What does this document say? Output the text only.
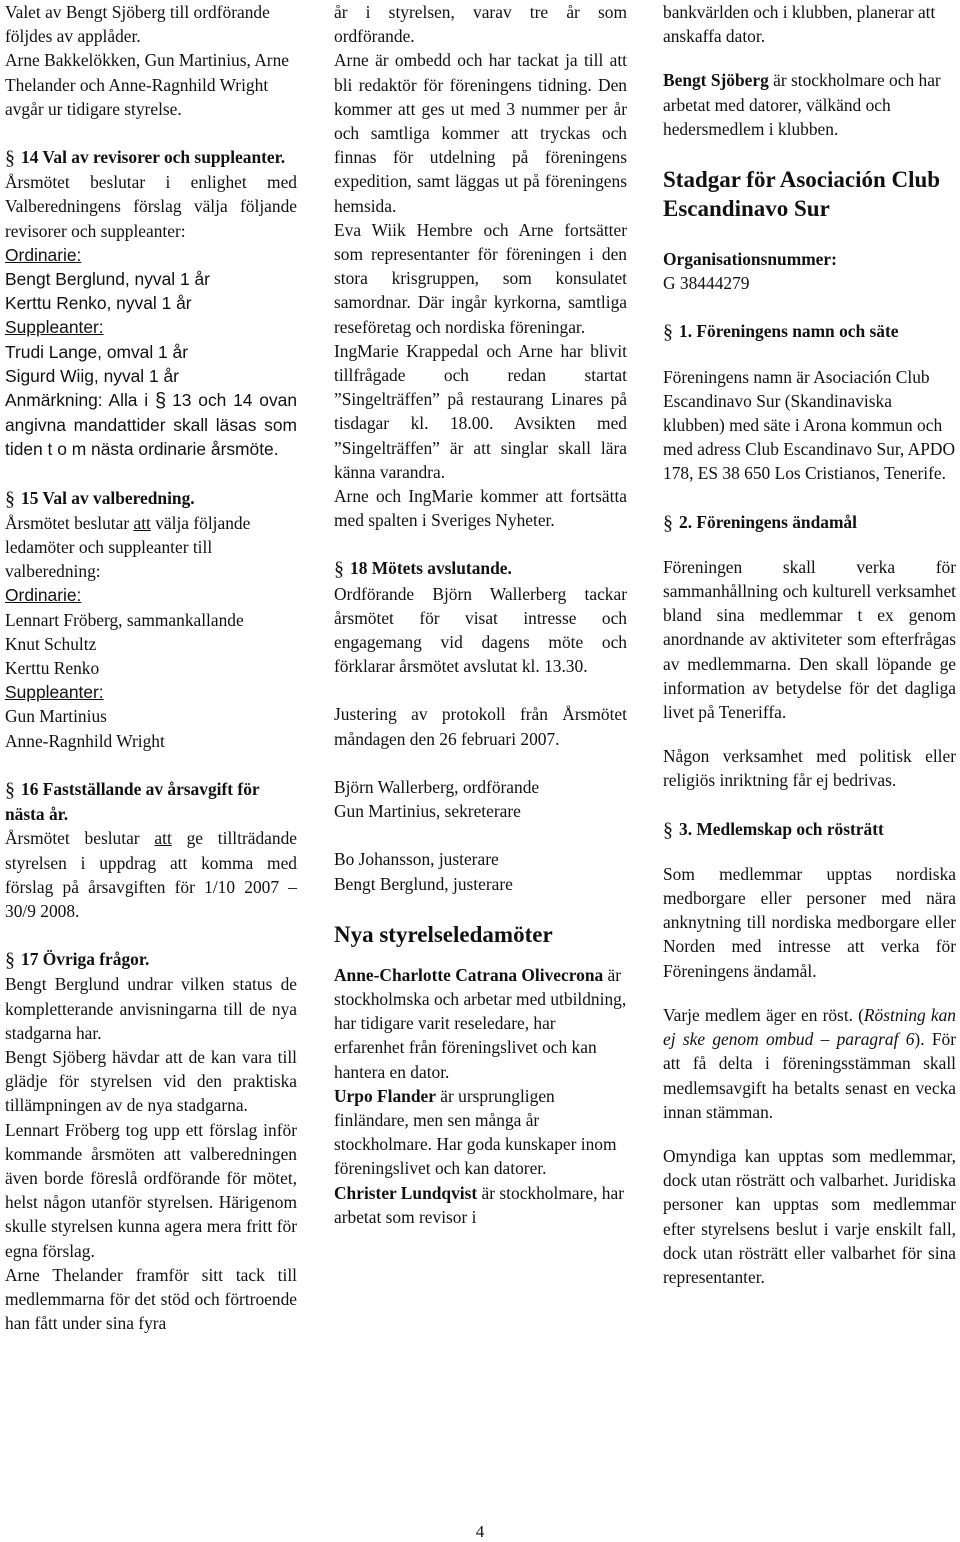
Valet av Bengt Sjöberg till ordförande följdes av applåder.

Arne Bakkelökken, Gun Martinius, Arne Thelander och Anne-Ragnhild Wright avgår ur tidigare styrelse.

§ 14 Val av revisorer och suppleanter.

Årsmötet beslutar i enlighet med Valberedningens förslag välja följande revisorer och suppleanter:

Ordinarie:

Bengt Berglund, nyval 1 år

Kerttu Renko, nyval 1 år

Suppleanter:

Trudi Lange, omval 1 år

Sigurd Wiig, nyval 1 år

Anmärkning: Alla i § 13 och 14 ovan angivna mandattider skall läsas som tiden t o m nästa ordinarie årsmöte.

§ 15 Val av valberedning.

Årsmötet beslutar att välja följande ledamöter och suppleanter till valberedning:

Ordinarie:

Lennart Fröberg, sammankallande

Knut Schultz

Kerttu Renko

Suppleanter:

Gun Martinius

Anne-Ragnhild Wright

§ 16 Fastställande av årsavgift för nästa år.

Årsmötet beslutar att ge tillträdande styrelsen i uppdrag att komma med förslag på årsavgiften för 1/10 2007 – 30/9 2008.

§ 17 Övriga frågor.

Bengt Berglund undrar vilken status de kompletterande anvisningarna till de nya stadgarna har.

Bengt Sjöberg hävdar att de kan vara till glädje för styrelsen vid den praktiska tillämpningen av de nya stadgarna.

Lennart Fröberg tog upp ett förslag inför kommande årsmöten att valberedningen även borde föreslå ordförande för mötet, helst någon utanför styrelsen. Härigenom skulle styrelsen kunna agera mera fritt för egna förslag.

Arne Thelander framför sitt tack till medlemmarna för det stöd och förtroende han fått under sina fyra

år i styrelsen, varav tre år som ordförande.

Arne är ombedd och har tackat ja till att bli redaktör för föreningens tidning. Den kommer att ges ut med 3 nummer per år och samtliga kommer att tryckas och finnas för utdelning på föreningens expedition, samt läggas ut på föreningens hemsida.

Eva Wiik Hembre och Arne fortsätter som representanter för föreningen i den stora krisgruppen, som konsulatet samordnar. Där ingår kyrkorna, samtliga reseföretag och nordiska föreningar.

IngMarie Krappedal och Arne har blivit tillfrågade och redan startat ”Singelträffen” på restaurang Linares på tisdagar kl. 18.00. Avsikten med ”Singelträffen” är att singlar skall lära känna varandra.

Arne och IngMarie kommer att fortsätta med spalten i Sveriges Nyheter.

§ 18 Mötets avslutande.

Ordförande Björn Wallerberg tackar årsmötet för visat intresse och engagemang vid dagens möte och förklarar årsmötet avslutat kl. 13.30.

Justering av protokoll från Årsmötet måndagen den 26 februari 2007.

Björn Wallerberg, ordförande

Gun Martinius, sekreterare

Bo Johansson, justerare

Bengt Berglund, justerare

Nya styrelseledamöter

Anne-Charlotte Catrana Olivecrona är stockholmska och arbetar med utbildning, har tidigare varit reseledare, har erfarenhet från föreningslivet och kan hantera en dator.

Urpo Flander är ursprungligen finländare, men sen många år stockholmare. Har goda kunskaper inom föreningslivet och kan datorer.

Christer Lundqvist är stockholmare, har arbetat som revisor i

bankvärlden och i klubben, planerar att anskaffa dator.

Bengt Sjöberg är stockholmare och har arbetat med datorer, välkänd och hedersmedlem i klubben.

Stadgar för Asociación Club Escandinavo Sur

Organisationsnummer:

G 38444279

§ 1. Föreningens namn och säte

Föreningens namn är Asociación Club Escandinavo Sur (Skandinaviska klubben) med säte i Arona kommun och med adress Club Escandinavo Sur, APDO 178, ES 38 650 Los Cristianos, Tenerife.

§ 2. Föreningens ändamål

Föreningen skall verka för sammanhållning och kulturell verksamhet bland sina medlemmar t ex genom anordnande av aktiviteter som efterfrågas av medlemmarna. Den skall löpande ge information av betydelse för det dagliga livet på Teneriffa.

Någon verksamhet med politisk eller religiös inriktning får ej bedrivas.

§ 3. Medlemskap och rösträtt

Som medlemmar upptas nordiska medborgare eller personer med nära anknytning till nordiska medborgare eller Norden med intresse att verka för Föreningens ändamål.

Varje medlem äger en röst. (Röstning kan ej ske genom ombud – paragraf 6). För att få delta i föreningsstämman skall medlemsavgift ha betalts senast en vecka innan stämman.

Omyndiga kan upptas som medlemmar, dock utan rösträtt och valbarhet. Juridiska personer kan upptas som medlemmar efter styrelsens beslut i varje enskilt fall, dock utan rösträtt eller valbarhet för sina representanter.

4
